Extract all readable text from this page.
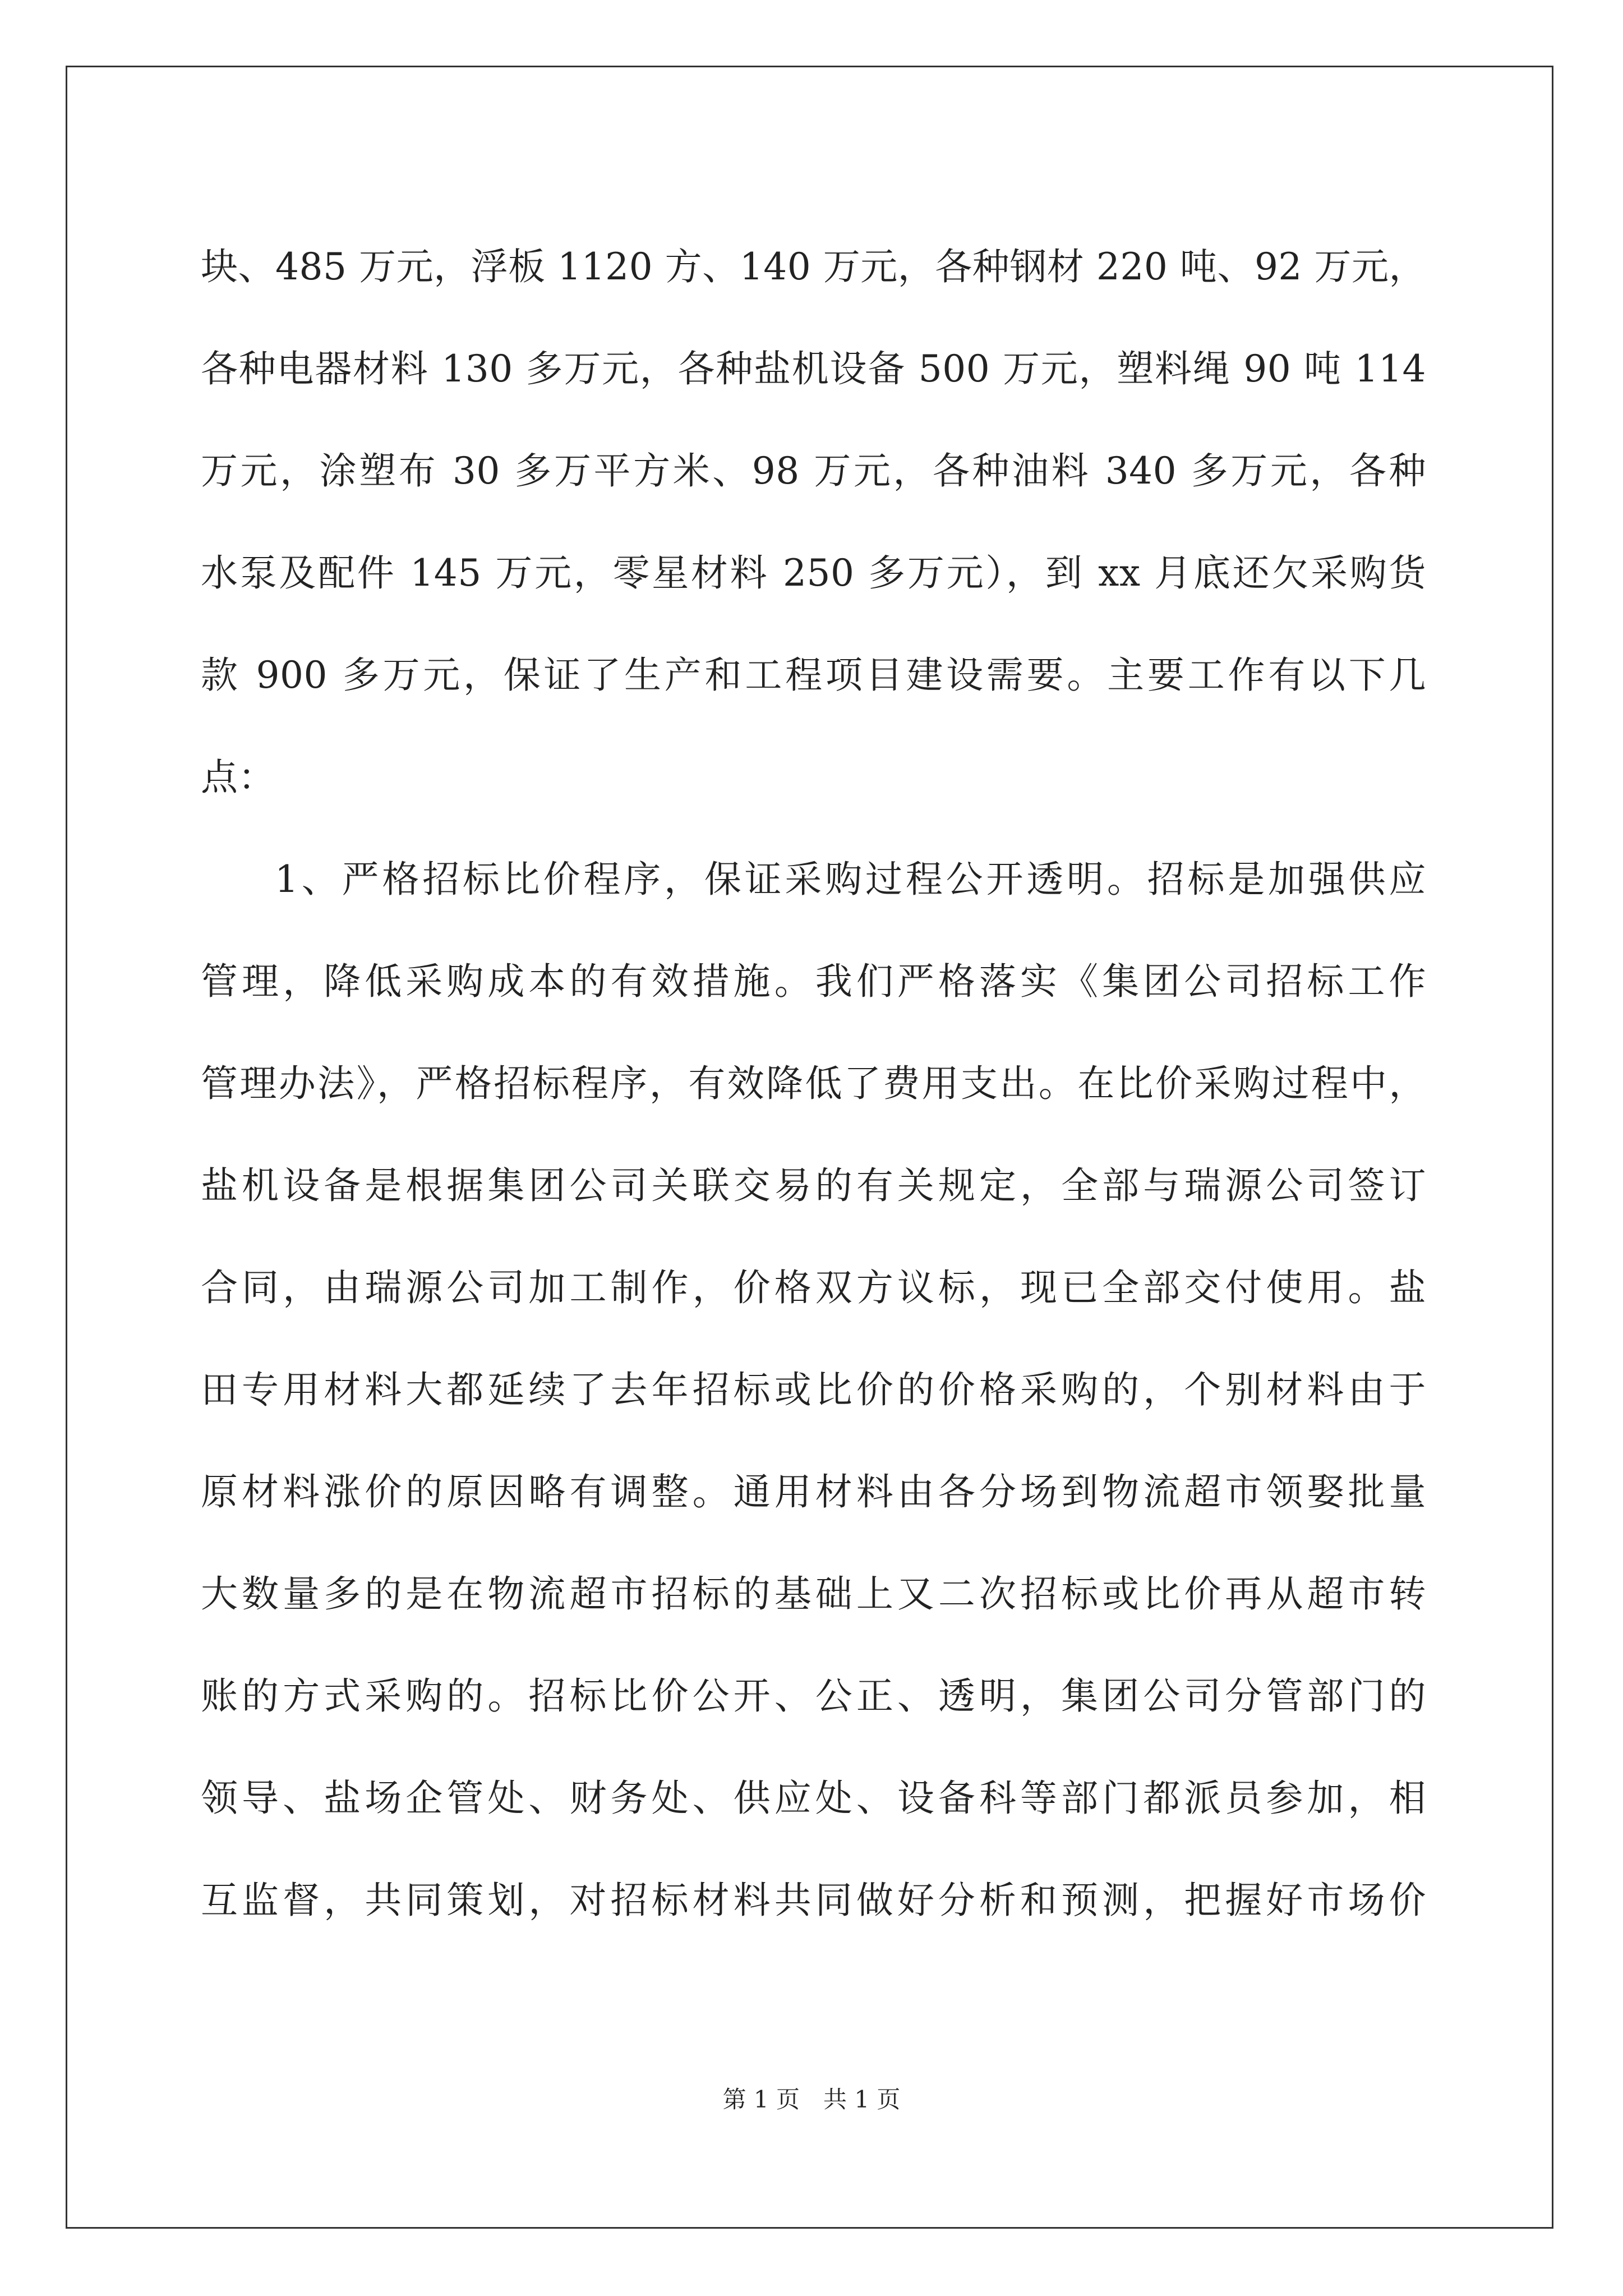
块、485 万元，浮板 1120 方、140 万元，各种钢材 220 吨、92 万元，
各种电器材料 130 多万元，各种盐机设备 500 万元，塑料绳 90 吨 114
万元，涂塑布 30 多万平方米、98 万元，各种油料 340 多万元，各种
水泵及配件 145 万元，零星材料 250 多万元），到 xx 月底还欠采购货
款 900 多万元，保证了生产和工程项目建设需要。主要工作有以下几
点：
1、严格招标比价程序，保证采购过程公开透明。招标是加强供应
管理，降低采购成本的有效措施。我们严格落实《集团公司招标工作
管理办法》，严格招标程序，有效降低了费用支出。在比价采购过程中，
盐机设备是根据集团公司关联交易的有关规定，全部与瑞源公司签订
合同，由瑞源公司加工制作，价格双方议标，现已全部交付使用。盐
田专用材料大都延续了去年招标或比价的价格采购的，个别材料由于
原材料涨价的原因略有调整。通用材料由各分场到物流超市领娶批量
大数量多的是在物流超市招标的基础上又二次招标或比价再从超市转
账的方式采购的。招标比价公开、公正、透明，集团公司分管部门的
领导、盐场企管处、财务处、供应处、设备科等部门都派员参加，相
互监督，共同策划，对招标材料共同做好分析和预测，把握好市场价
第 1 页　共 1 页
